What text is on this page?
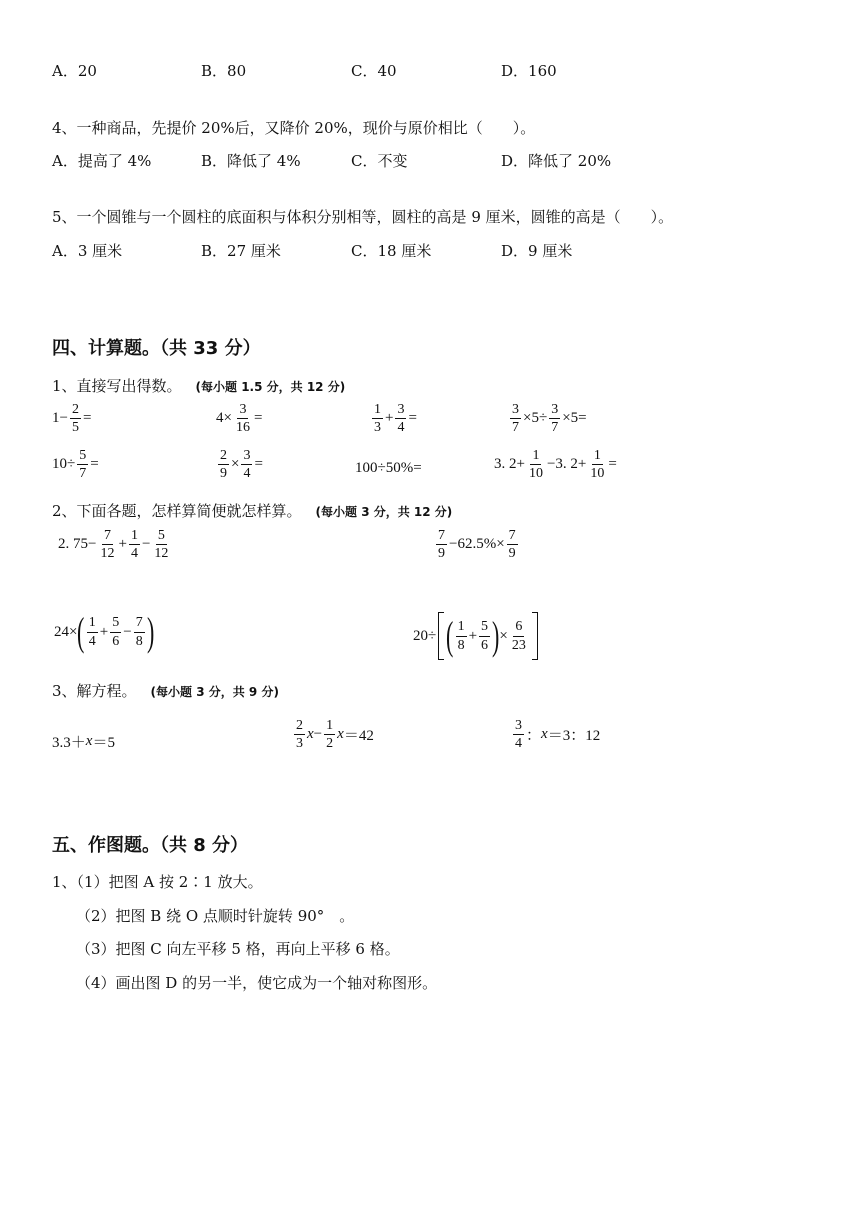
A．20	B．80	C．40	D．160
4、一种商品，先提价 20%后，又降价 20%，现价与原价相比（　　）。
A．提高了 4%	B．降低了 4%	C．不变	D．降低了 20%
5、一个圆锥与一个圆柱的底面积与体积分别相等，圆柱的高是 9 厘米，圆锥的高是（　　）。
A．3 厘米	B．27 厘米	C．18 厘米	D．9 厘米
四、计算题。（共 33 分）
1、直接写出得数。 (每小题 1.5 分，共 12 分)
$1- \frac{2}{5}$ =	$4\times \frac{3}{16}$ =	$\frac{1}{3} + \frac{3}{4}$ =	$\frac{3}{7} \times 5\div \frac{3}{7} \times 5=$
$10\div \frac{5}{7}$ =	$\frac{2}{9} \times \frac{3}{4}$ =	100÷50%=	3. $2+ \frac{1}{10} -3$. $2+ \frac{1}{10}$ =
2、下面各题，怎样算简便就怎样算。 (每小题 3 分，共 12 分)
2. $75- \frac{7}{12} + \frac{1}{4} - \frac{5}{12}$	$\frac{7}{9} -62.5\%\times \frac{7}{9}$
24× ( $\frac{1}{4} + \frac{5}{6} - \frac{7}{8}$ )	20÷ ( $\frac{1}{8} + \frac{5}{6}$ ) × $\frac{6}{23}$
3、解方程。 (每小题 3 分，共 9 分)
3.3＋ x ＝5	$\frac{2}{3}$ $x - \frac{1}{2}$ x ＝42	$\frac{3}{4}$ ： x ＝3：12
五、作图题。（共 8 分）
1、（1）把图 A 按 2∶1 放大。
（2）把图 B 绕 O 点顺时针旋转 90°　。
（3）把图 C 向左平移 5 格，再向上平移 6 格。
（4）画出图 D 的另一半，使它成为一个轴对称图形。
